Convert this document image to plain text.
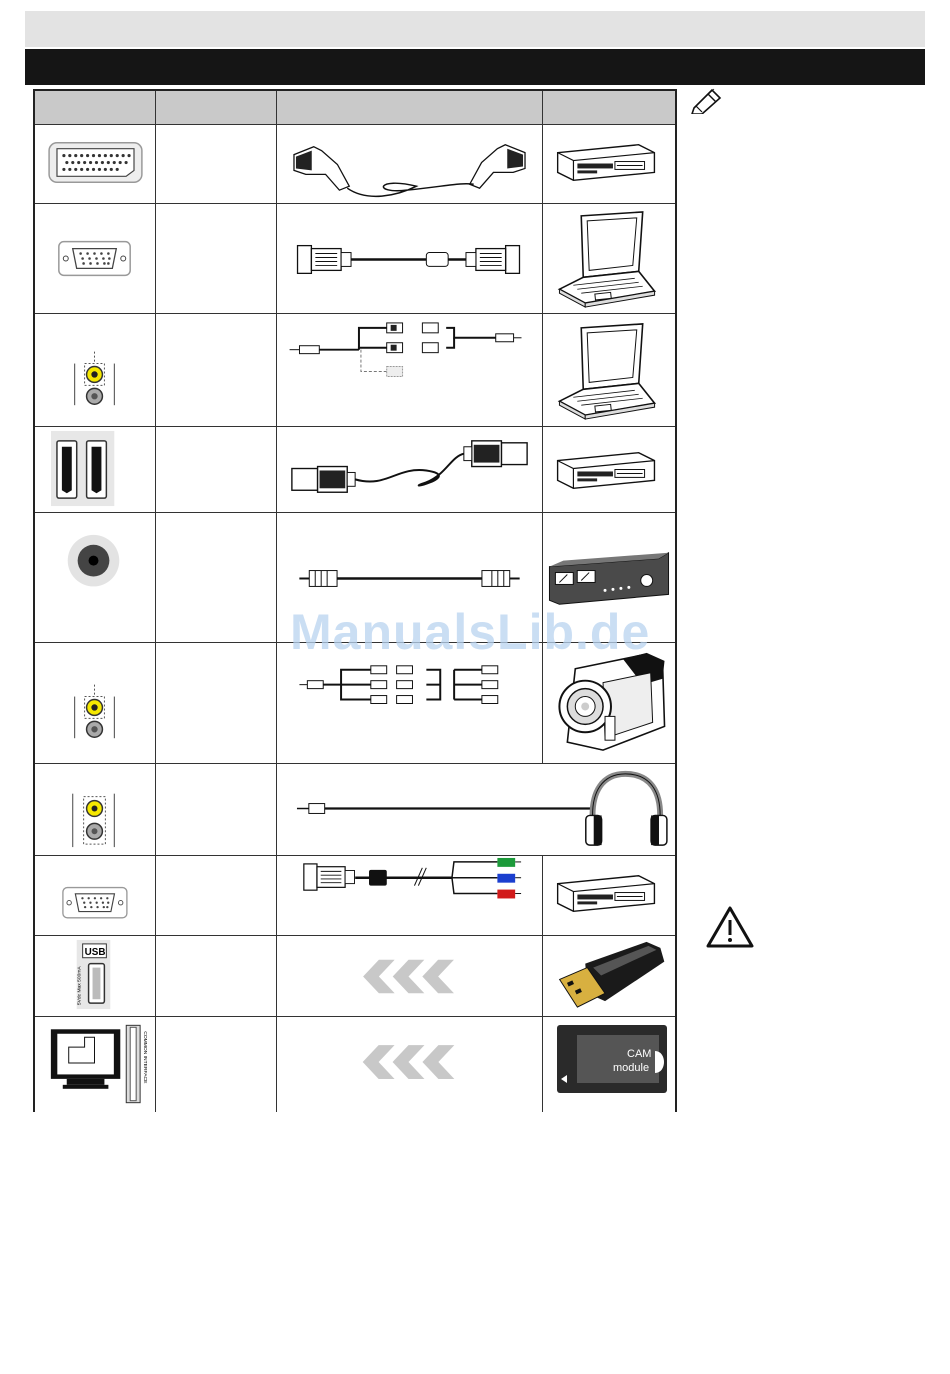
USB
5Vdc Max 500mA
COMMON INTERFACE	CAM
module
ManualsLib.de
